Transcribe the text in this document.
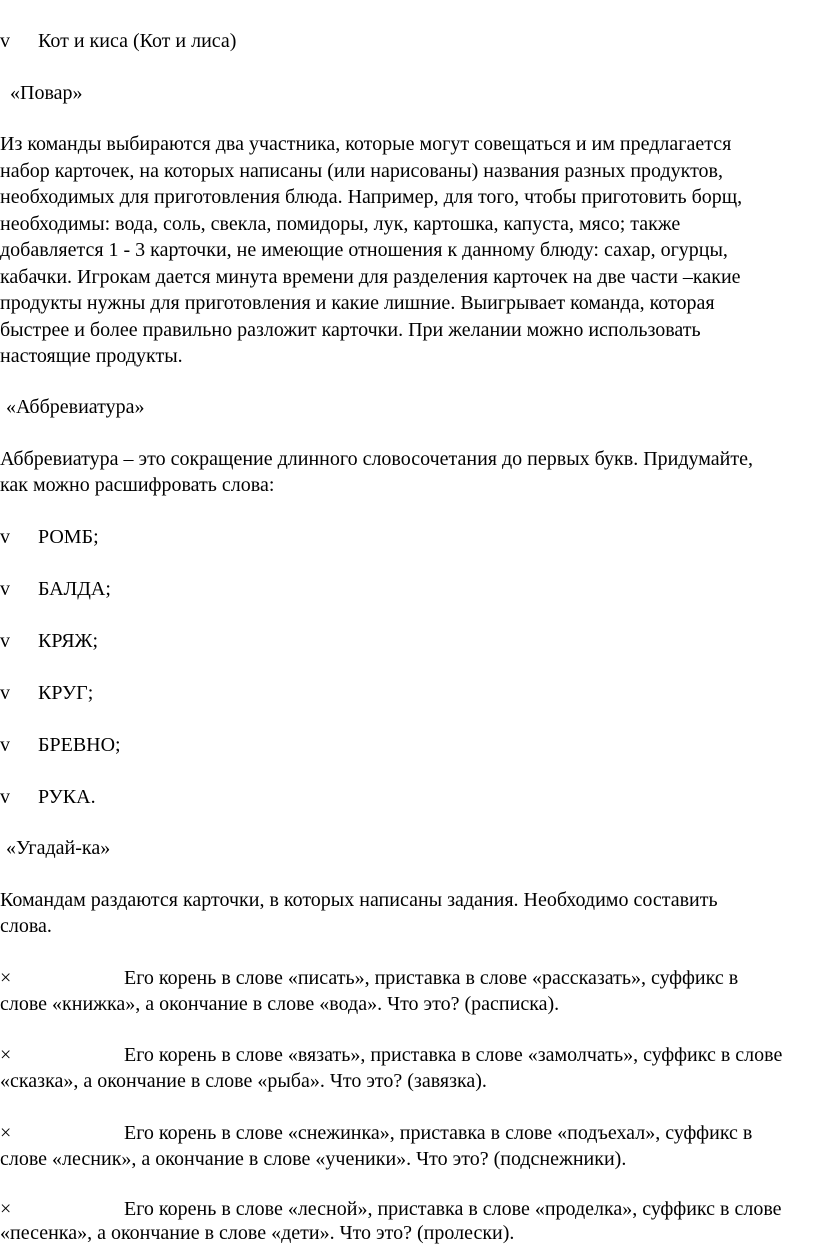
v Кот и киса (Кот и лиса)
«Повар»
Из команды выбираются два участника, которые могут совещаться и им предлагается
набор карточек, на которых написаны (или нарисованы) названия разных продуктов,
необходимых для приготовления блюда. Например, для того, чтобы приготовить борщ,
необходимы: вода, соль, свекла, помидоры, лук, картошка, капуста, мясо; также
добавляется 1 - 3 карточки, не имеющие отношения к данному блюду: сахар, огурцы,
кабачки. Игрокам дается минута времени для разделения карточек на две части –какие
продукты нужны для приготовления и какие лишние. Выигрывает команда, которая
быстрее и более правильно разложит карточки. При желании можно использовать
настоящие продукты.
«Аббревиатура»
Аббревиатура – это сокращение длинного словосочетания до первых букв. Придумайте,
как можно расшифровать слова:
v РОМБ;
v БАЛДА;
v КРЯЖ;
v КРУГ;
v БРЕВНО;
v РУКА.
«Угадай-ка»
Командам раздаются карточки, в которых написаны задания. Необходимо составить
слова.
×	Его корень в слове «писать», приставка в слове «рассказать», суффикс в
слове «книжка», а окончание в слове «вода». Что это? (расписка).
×	Его корень в слове «вязать», приставка в слове «замолчать», суффикс в слове
«сказка», а окончание в слове «рыба». Что это? (завязка).
×	Его корень в слове «снежинка», приставка в слове «подъехал», суффикс в
слове «лесник», а окончание в слове «ученики». Что это? (подснежники).
×	Его корень в слове «лесной», приставка в слове «проделка», суффикс в слове
«песенка», а окончание в слове «дети». Что это? (пролески).
